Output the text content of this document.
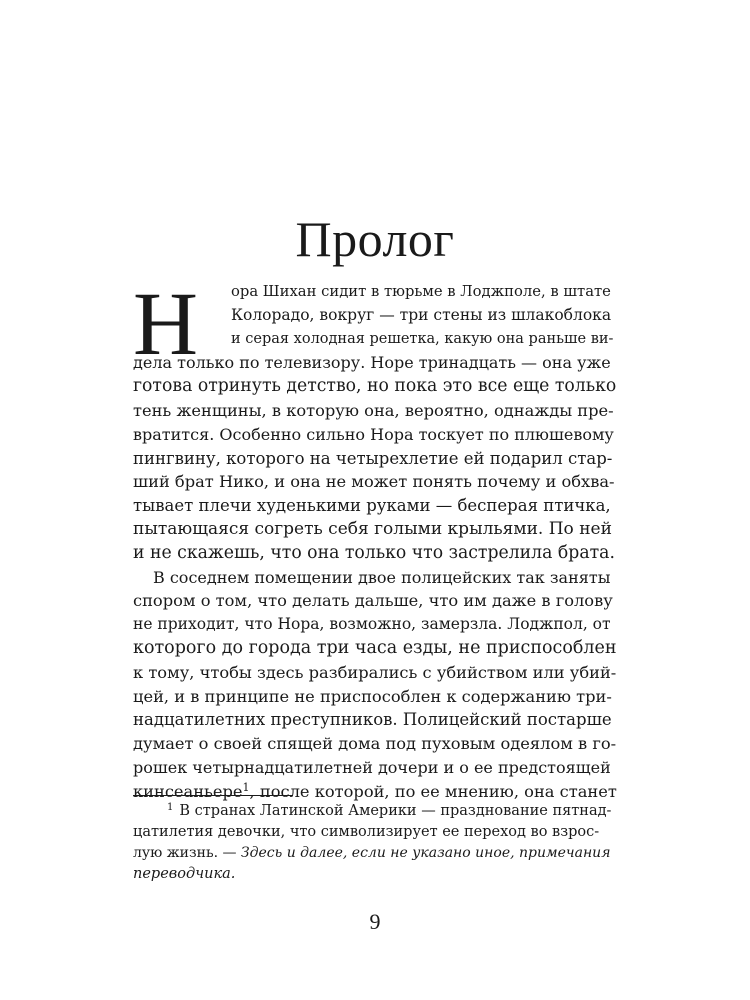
Пролог
Н	ора Шихан сидит в тюрьме в Лоджполе, в штате
Колорадо, вокруг — три стены из шлакоблока
и серая холодная решетка, какую она раньше ви-
дела только по телевизору. Норе тринадцать — она уже
готова отринуть детство, но пока это все еще только
тень женщины, в которую она, вероятно, однажды пре-
вратится. Особенно сильно Нора тоскует по плюшевому
пингвину, которого на четырехлетие ей подарил стар-
ший брат Нико, и она не может понять почему и обхва-
тывает плечи худенькими руками — бесперая птичка,
пытающаяся согреть себя голыми крыльями. По ней
и не скажешь, что она только что застрелила брата.
В соседнем помещении двое полицейских так заняты
спором о том, что делать дальше, что им даже в голову
не приходит, что Нора, возможно, замерзла. Лоджпол, от
которого до города три часа езды, не приспособлен
к тому, чтобы здесь разбирались с убийством или убий-
цей, и в принципе не приспособлен к содержанию три-
надцатилетних преступников. Полицейский постарше
думает о своей спящей дома под пуховым одеялом в го-
рошек четырнадцатилетней дочери и о ее предстоящей
кинсеаньере$^1$, после которой, по ее мнению, она станет
$^1$ В странах Латинской Америки — празднование пятнад-
цатилетия девочки, что символизирует ее переход во взрос-
лую жизнь. — Здесь и далее, если не указано иное, примечания
переводчика.
9
